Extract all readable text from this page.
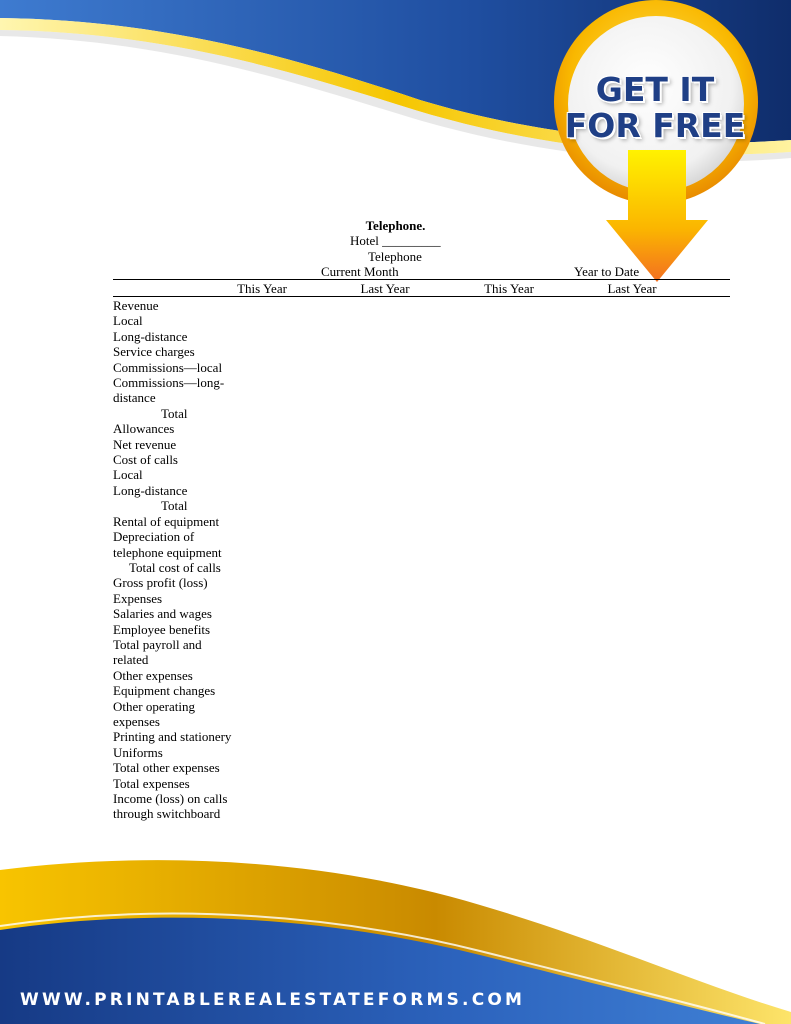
GET IT
FOR FREE
Telephone.
Hotel _________
Telephone
Current Month	Year to Date
This Year	Last Year	This Year	Last Year
Revenue
Local
Long-distance
Service charges
Commissions—local
Commissions—long-distance
Total
Allowances
Net revenue
Cost of calls
Local
Long-distance
Total
Rental of equipment
Depreciation of telephone equipment
Total cost of calls
Gross profit (loss)
Expenses
Salaries and wages
Employee benefits
Total payroll and related
Other expenses
Equipment changes
Other operating expenses
Printing and stationery
Uniforms
Total other expenses
Total expenses
Income (loss) on calls through switchboard
WWW.PRINTABLEREALESTATEFORMS.COM
